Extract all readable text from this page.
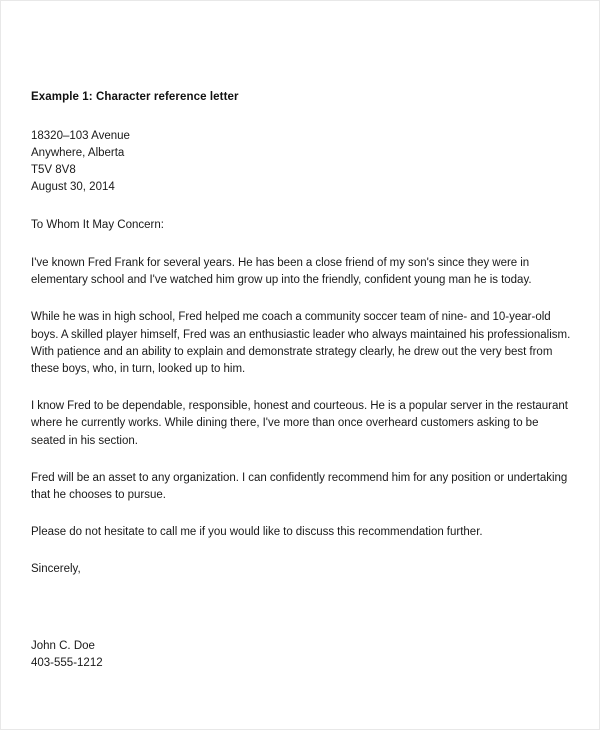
Example 1: Character reference letter
18320–103 Avenue
Anywhere, Alberta
T5V 8V8
August 30, 2014

To Whom It May Concern:

I've known Fred Frank for several years. He has been a close friend of my son's since they were in elementary school and I've watched him grow up into the friendly, confident young man he is today.

While he was in high school, Fred helped me coach a community soccer team of nine- and 10-year-old boys. A skilled player himself, Fred was an enthusiastic leader who always maintained his professionalism. With patience and an ability to explain and demonstrate strategy clearly, he drew out the very best from these boys, who, in turn, looked up to him.

I know Fred to be dependable, responsible, honest and courteous. He is a popular server in the restaurant where he currently works. While dining there, I've more than once overheard customers asking to be seated in his section.

Fred will be an asset to any organization. I can confidently recommend him for any position or undertaking that he chooses to pursue.

Please do not hesitate to call me if you would like to discuss this recommendation further.

Sincerely,

John C. Doe
403-555-1212
